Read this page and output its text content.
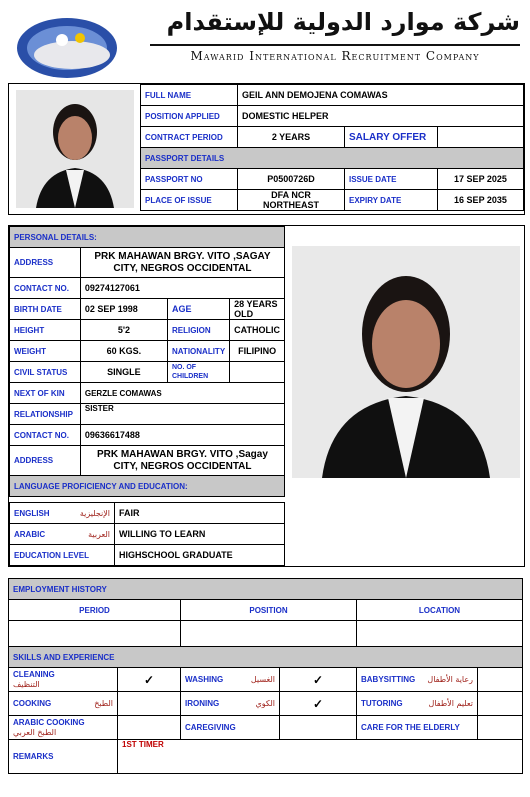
شركة موارد الدولية للإستقدام
Mawarid International Recruitment Company
FULL NAME	GEIL ANN DEMOJENA COMAWAS		
POSITION APPLIED	DOMESTIC HELPER		
CONTRACT PERIOD	2 YEARS	SALARY OFFER	
PASSPORT DETAILS			
PASSPORT NO	P0500726D	ISSUE DATE	17 SEP 2025
PLACE OF ISSUE	DFA NCR NORTHEAST	EXPIRY DATE	16 SEP 2035
PERSONAL DETAILS:			
ADDRESS	PRK MAHAWAN BRGY. VITO ,SAGAY CITY, NEGROS OCCIDENTAL		
CONTACT NO.	09274127061		
BIRTH DATE	02 SEP 1998	AGE	28 YEARS OLD
HEIGHT	5'2	RELIGION	CATHOLIC
WEIGHT	60 KGS.	NATIONALITY	FILIPINO
CIVIL STATUS	SINGLE	NO. OF CHILDREN	
NEXT OF KIN	GERZLE COMAWAS		
RELATIONSHIP	SISTER		
CONTACT NO.	09636617488		
ADDRESS	PRK MAHAWAN BRGY. VITO ,Sagay CITY, NEGROS OCCIDENTAL		
LANGUAGE PROFICIENCY AND EDUCATION:			
ENGLISH الإنجليزية	FAIR
ARABIC العربية	WILLING TO LEARN
EDUCATION LEVEL	HIGHSCHOOL GRADUATE
EMPLOYMENT HISTORY					
PERIOD		POSITION		LOCATION	

SKILLS AND EXPERIENCE					
CLEANING
التنظيف	✓	WASHING الغسيل	✓	BABYSITTING رعاية الأطفال	

COOKING الطبخ		IRONING الكوي	✓	TUTORING تعليم الأطفال	

ARABIC COOKING
الطبخ العربي		CAREGIVING		CARE FOR THE ELDERLY	
REMARKS	1ST TIMER				
